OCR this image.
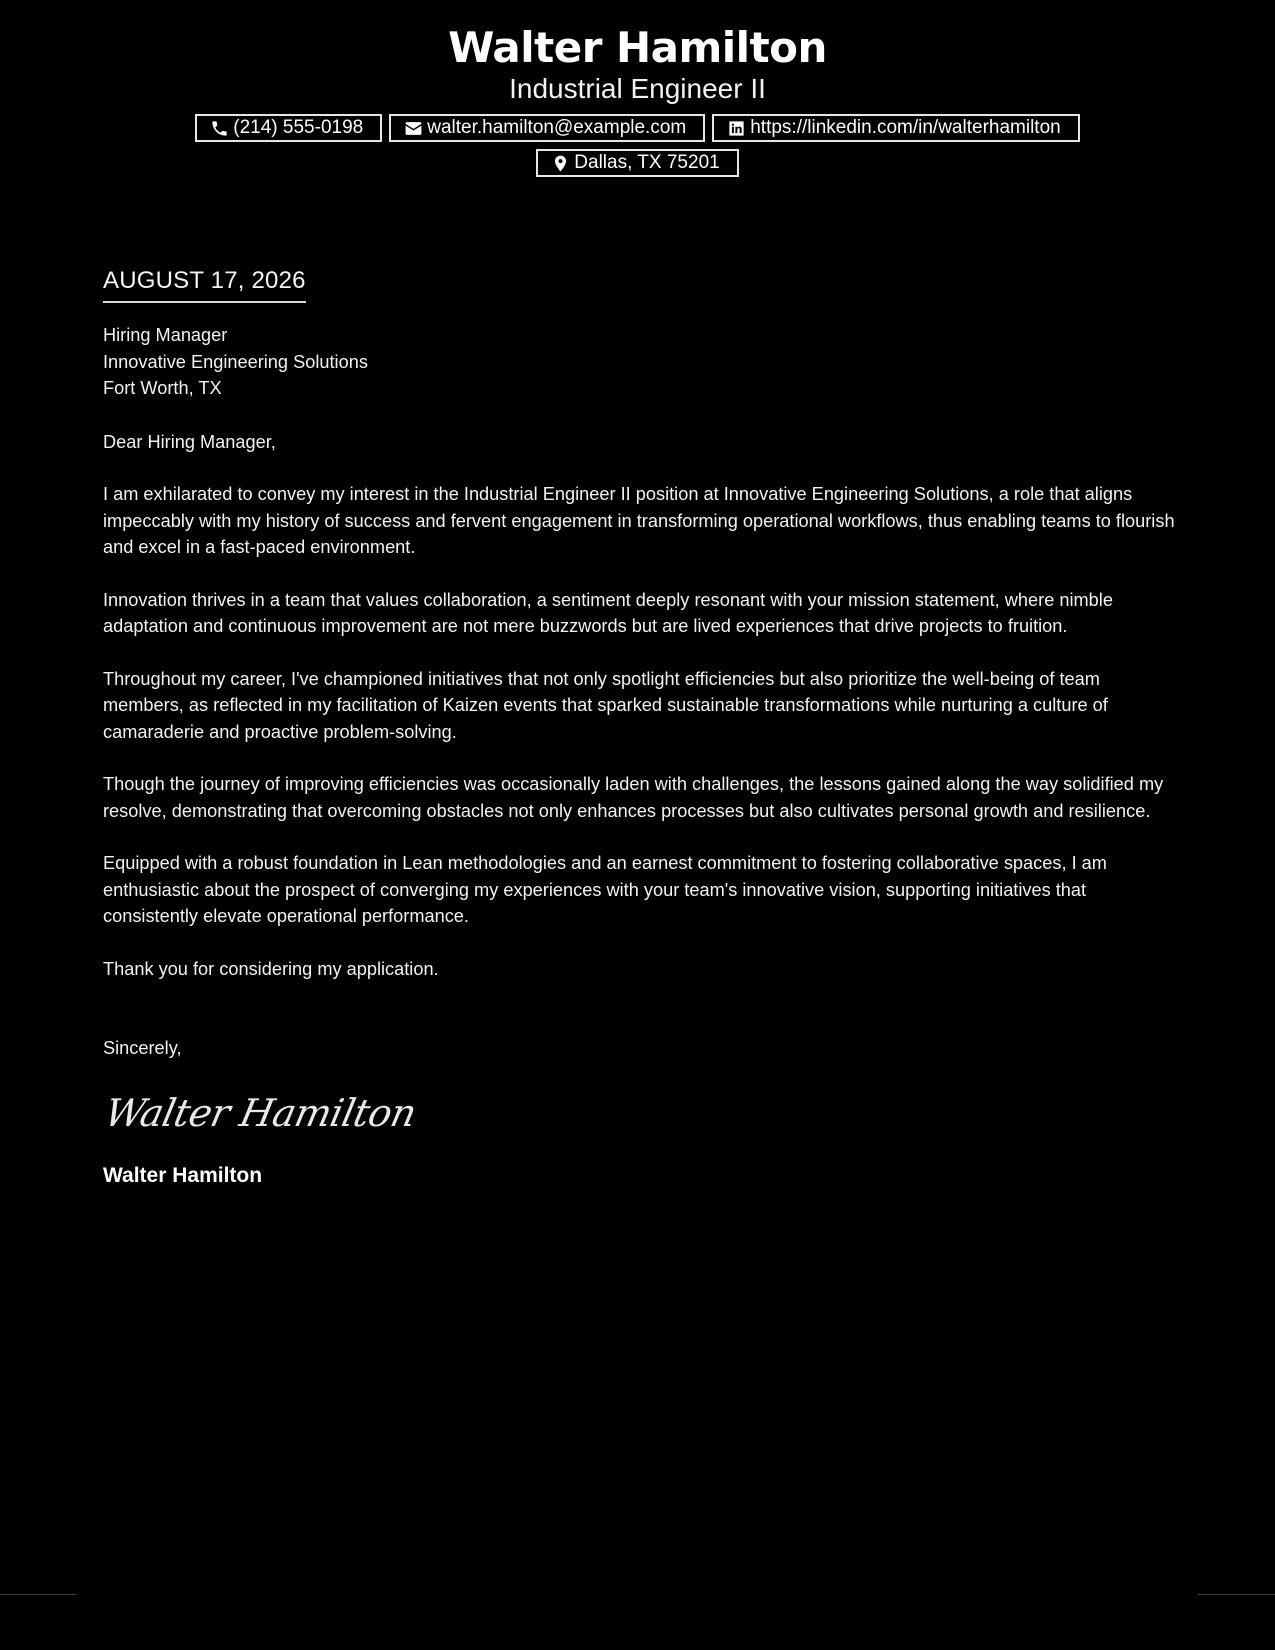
Walter Hamilton
Industrial Engineer II
(214) 555-0198	walter.hamilton@example.com	https://linkedin.com/in/walterhamilton
Dallas, TX 75201
AUGUST 17, 2026
Hiring Manager
Innovative Engineering Solutions
Fort Worth, TX
Dear Hiring Manager,

I am exhilarated to convey my interest in the Industrial Engineer II position at Innovative Engineering Solutions, a role that aligns impeccably with my history of success and fervent engagement in transforming operational workflows, thus enabling teams to flourish and excel in a fast-paced environment.

Innovation thrives in a team that values collaboration, a sentiment deeply resonant with your mission statement, where nimble adaptation and continuous improvement are not mere buzzwords but are lived experiences that drive projects to fruition.

Throughout my career, I've championed initiatives that not only spotlight efficiencies but also prioritize the well-being of team members, as reflected in my facilitation of Kaizen events that sparked sustainable transformations while nurturing a culture of camaraderie and proactive problem-solving.

Though the journey of improving efficiencies was occasionally laden with challenges, the lessons gained along the way solidified my resolve, demonstrating that overcoming obstacles not only enhances processes but also cultivates personal growth and resilience.

Equipped with a robust foundation in Lean methodologies and an earnest commitment to fostering collaborative spaces, I am enthusiastic about the prospect of converging my experiences with your team's innovative vision, supporting initiatives that consistently elevate operational performance.

Thank you for considering my application.

Sincerely,
Walter Hamilton
Walter Hamilton
